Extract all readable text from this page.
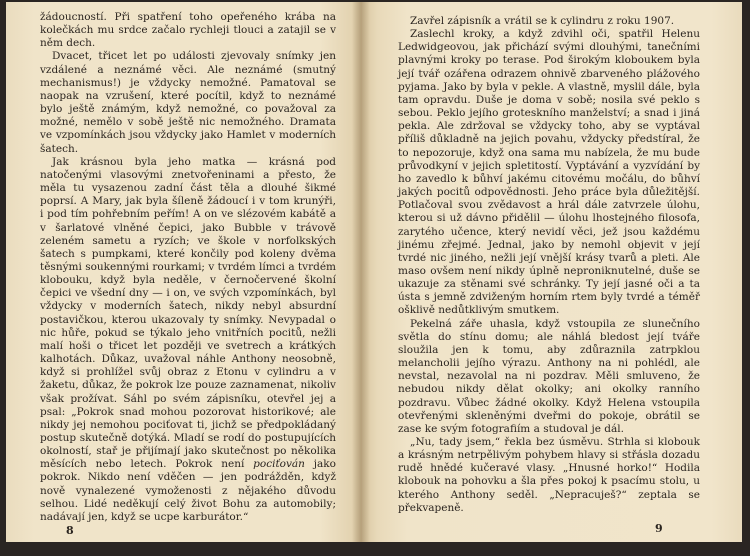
žádoucností. Při spatření toho opeřeného krába na kolečkách mu srdce začalo rychleji tlouci a zatajil se v něm dech.

Dvacet, třicet let po události zjevovaly snímky jen vzdálené a neznámé věci. Ale neznámé (smutný mechanismus!) je vždycky nemožné. Pamatoval se naopak na vzrušení, které pocítil, když to neznámé bylo ještě známým, když nemožné, co považoval za možné, nemělo v sobě ještě nic nemožného. Dramata ve vzpomínkách jsou vždycky jako Hamlet v moderních šatech.

Jak krásnou byla jeho matka — krásná pod natočenými vlasovými znetvořeninami a přesto, že měla tu vysazenou zadní část těla a dlouhé šikmé poprsí. A Mary, jak byla šíleně žádoucí i v tom krunýři, i pod tím pohřebním peřím! A on ve slézovém kabátě a v šarlatové vlněné čepici, jako Bubble v trávově zeleném sametu a ryzích; ve škole v norfolkských šatech s pumpkami, které končily pod koleny dvěma těsnými soukennými rourkami; v tvrdém límci a tvrdém klobouku, když byla neděle, v černočervené školní čepici ve všední dny — i on, ve svých vzpomínkách, byl vždycky v moderních šatech, nikdy nebyl absurdní postavičkou, kterou ukazovaly ty snímky. Nevypadal o nic hůře, pokud se týkalo jeho vnitřních pocitů, nežli malí hoši o třicet let později ve svetrech a krátkých kalhotách. Důkaz, uvažoval náhle Anthony neosobně, když si prohlížel svůj obraz z Etonu v cylindru a v žaketu, důkaz, že pokrok lze pouze zaznamenat, nikoliv však prožívat. Sáhl po svém zápisníku, otevřel jej a psal: „Pokrok snad mohou pozorovat historikové; ale nikdy jej nemohou pociťovat ti, jichž se předpokládaný postup skutečně dotýká. Mladí se rodí do postupujících okolností, stař je přijímají jako skutečnost po několika měsících nebo letech. Pokrok není pociťován jako pokrok. Nikdo není vděčen — jen podrážděn, když nově vynalezené vymoženosti z nějakého důvodu selhou. Lidé neděkují celý život Bohu za automobily; nadávají jen, když se ucpe karburátor.“

8

Zavřel zápisník a vrátil se k cylindru z roku 1907.

Zaslechl kroky, a když zdvihl oči, spatřil Helenu Ledwidgeovou, jak přichází svými dlouhými, tanečními plavnými kroky po terase. Pod širokým kloboukem byla její tvář ozářena odrazem ohnivě zbarveného plážového pyjama. Jako by byla v pekle. A vlastně, myslil dále, byla tam opravdu. Duše je doma v sobě; nosila své peklo s sebou. Peklo jejího groteskního manželství; a snad i jiná pekla. Ale zdržoval se vždycky toho, aby se vyptával příliš důkladně na jejich povahu, vždycky předstíral, že to nepozoruje, když ona sama mu nabízela, že mu bude průvodkyní v jejich spletitostí. Vyptávání a vyzvídání by ho zavedlo k bůhví jakému citovému močálu, do bůhví jakých pocitů odpovědnosti. Jeho práce byla důležitější. Potlačoval svou zvědavost a hrál dále zatvrzele úlohu, kterou si už dávno přidělil — úlohu lhostejného filosofa, zarytého učence, který nevidí věci, jež jsou každému jinému zřejmé. Jednal, jako by nemohl objevit v její tvrdé nic jiného, nežli její vnější krásy tvarů a pleti. Ale maso ovšem není nikdy úplně neproniknutelné, duše se ukazuje za stěnami své schránky. Ty její jasné oči a ta ústa s jemně zdviženým horním rtem byly tvrdé a téměř ošklivě nedůtklivým smutkem.

Pekelná záře uhasla, když vstoupila ze slunečního světla do stínu domu; ale náhlá bledost její tváře sloužila jen k tomu, aby zdůraznila zatrpklou melancholii jejího výrazu. Anthony na ni pohlédl, ale nevstal, nezavolal na ni pozdrav. Měli smluveno, že nebudou nikdy dělat okolky; ani okolky ranního pozdravu. Vůbec žádné okolky. Když Helena vstoupila otevřenými skleněnými dveřmi do pokoje, obrátil se zase ke svým fotografiím a studoval je dál.

„Nu, tady jsem,“ řekla bez úsměvu. Strhla si klobouk a krásným netrpělivým pohybem hlavy si střásla dozadu rudě hnědé kučeravé vlasy. „Hnusné horko!“ Hodila klobouk na pohovku a šla přes pokoj k psacímu stolu, u kterého Anthony seděl. „Nepracuješ?“ zeptala se překvapeně.

9
